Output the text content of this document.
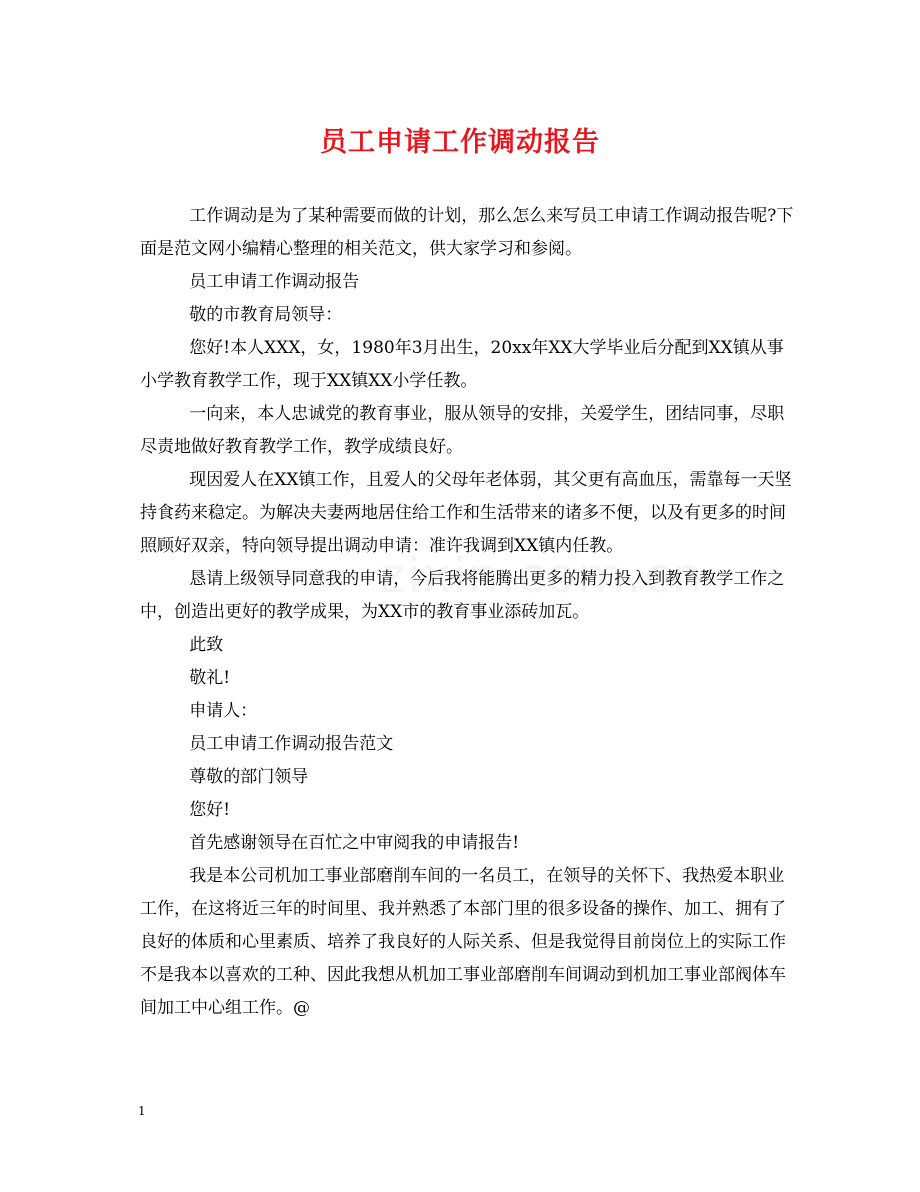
员工申请工作调动报告

工作调动是为了某种需要而做的计划，那么怎么来写员工申请工作调动报告呢?下面是范文网小编精心整理的相关范文，供大家学习和参阅。

员工申请工作调动报告

敬的市教育局领导：

您好!本人XXX，女，1980年3月出生，20xx年XX大学毕业后分配到XX镇从事小学教育教学工作，现于XX镇XX小学任教。

一向来，本人忠诚党的教育事业，服从领导的安排，关爱学生，团结同事，尽职尽责地做好教育教学工作，教学成绩良好。

现因爱人在XX镇工作，且爱人的父母年老体弱，其父更有高血压，需靠每一天坚持食药来稳定。为解决夫妻两地居住给工作和生活带来的诸多不便，以及有更多的时间照顾好双亲，特向领导提出调动申请：准许我调到XX镇内任教。

恳请上级领导同意我的申请，今后我将能腾出更多的精力投入到教育教学工作之中，创造出更好的教学成果，为XX市的教育事业添砖加瓦。

此致

敬礼!

申请人：

员工申请工作调动报告范文

尊敬的部门领导

您好!

首先感谢领导在百忙之中审阅我的申请报告!

我是本公司机加工事业部磨削车间的一名员工，在领导的关怀下、我热爱本职业工作，在这将近三年的时间里、我并熟悉了本部门里的很多设备的操作、加工、拥有了良好的体质和心里素质、培养了我良好的人际关系、但是我觉得目前岗位上的实际工作不是我本以喜欢的工种、因此我想从机加工事业部磨削车间调动到机加工事业部阀体车间加工中心组工作。@

1
